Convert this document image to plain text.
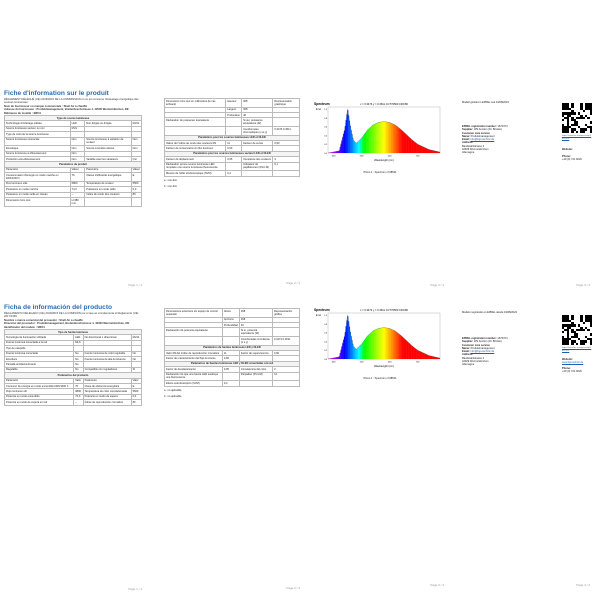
Fiche d'information sur le produit

RÈGLEMENT DÉLÉGUÉ (UE) 2019/2015 DE LA COMMISSION en ce qui concerne l'étiquetage énergétique des sources lumineuses

Nom du fournisseur ou marque commerciale : Shell Air à chauffé

Adresse du fournisseur : Produktmanagement, Breitenbrechstrasse 4, 42000 Wermelskirchen, DE

Référence du modèle : 98541

Type de source lumineuse			
Technologie d'éclairage utilisée	LED	Non dirigée ou dirigée	MLS1
Source lumineuse secteur ou non	MLS		
Type de culot de la source lumineuse			
Source lumineuse connectée	Non	Source lumineuse à variation de couleur	Non
Enveloppe	Non	Source à lumière élevée	Non
Source lumineuse à éblouissement	Non		
Protection anti-éblouissement	Non	Variable avec les variateurs	Oui
Paramètres du produit			
Paramètre	Valeur	Paramètre	Valeur
Consommation d'énergie en mode marche en kWh/1000 h	76	Classe d'efficacité énergétique	E
Flux lumineux utile	6800	Température de couleur	5500
Puissance en mode marche	74,0	Puissance en mode veille	0,0
Puissance en mode veille en réseau	--	Indice de rendu des couleurs	80
Dimensions hors tout	H 380 mm		
Page 1 / 4
Dimensions hors tout en millimètres (le cas échéant)	Hauteur	308	Représentation graphique
	Largeur	308	
	Profondeur	46	
Déclaration de puissance équivalente		Si oui, puissance équivalente (W)	
		Coordonnées chromatiques (x et y)	0,3474 0,3611
Paramètres pour les sources lumineuses LED et OLED			
Valeur de l'indice de rendu des couleurs R9	11	Facteur de survie	0,90
Facteur de conservation du flux lumineux	0,90		
Paramètres pour les sources lumineuses secteur LED et OLED			
Facteur de déplacement	0,95	Constance des couleurs	3
Déclaration qu'une source lumineuse LED remplace une source lumineuse fluorescente		Indicateur de papillotement (Pst LM)	0,1
Mesure de l'effet stroboscopique (SVM)	0,4		

a : non-dim

b : non-dim

Page 2 / 4
Spectrum	x = 0.3474 y = 0.3611 CCT=5500 CRI=80
E rel
Wavelength (nm)
400	500	600	700
0.0
0.2
0.4
0.6
0.8
1.0
Photo 1 : Spectrum of 98541
Page 3 / 4
Modell gelistet in EPREL seit 19/08/2024
EPREL registration number: 1670374
Supplier: WS Auction (Di. Brücke)
Customer care service
Name: Produktmanagement
Email: info@bgs-technic.de
Address:
Bandstahlstrasse 4
42929 Wermelskirchen
Allemagne
https://eprel.ec.europa.eu/qr/1670374
Website:
Phone:
+49 (0) 721 9020
Page 4 / 4

Ficha de información del producto

REGLAMENTO DELEGADO (UE) 2019/2015 DE LA COMISIÓN por el que se complementa el Reglamento (UE) 2017/1369

Nombre o marca comercial del proveedor : Shell Air a chauffé

Dirección del proveedor : Produktmanagement, Breitenbrechstrasse 4, 42000 Wermelskirchen, DE

Identificador del modelo : 98541

Tipo de fuente luminosa			
Tecnología de iluminación utilizada	LED	No direccional o direccional	MLS1
Fuente luminosa conectada a la red	MLS		
Tipo de casquillo			
Fuente luminosa conectada	No	Fuente luminosa de color regulable	No
Envoltura	No	Fuente luminosa de alta luminancia	No
Pantalla antideslumbrante	No		
Regulable	No	Compatible con reguladores	Sí
Parámetros del producto			
Parámetro	Valor	Parámetro	Valor
Consumo de energía en modo encendido kWh/1000 h	76	Clase de eficiencia energética	E
Flujo luminoso útil	6800	Temperatura de color correlacionada	5500
Potencia en modo encendido	74,0	Potencia en modo de espera	0,0
Potencia en modo de espera en red	--	Índice de reproducción cromática	80
Page 1 / 4
Dimensiones exteriores sin equipo de control separado	Altura	308	Representación gráfica
	Anchura	308	
	Profundidad	46	
Declaración de potencia equivalente		Si sí, potencia equivalente (W)	
		Coordenadas cromáticas (x e y)	0,3474 0,3611
Parámetros de fuentes luminosas LED y OLED			
Valor R9 del índice de reproducción cromática	11	Factor de supervivencia	0,90
Factor de mantenimiento del flujo luminoso	0,90		
Parámetros de fuentes luminosas LED y OLED conectadas a la red			
Factor de desplazamiento	0,95	Consistencia del color	3
Declaración de que una fuente LED sustituye una fluorescente		Parpadeo (Pst LM)	0,1
Efecto estroboscópico (SVM)	0,4		

a : no aplicable

b : no aplicable

Page 2 / 4
Spectrum	x = 0.3474 y = 0.3611 CCT=5500 CRI=80
E rel
Wavelength (nm)
400	500	600	700
0.0
0.2
0.4
0.6
0.8
1.0
Photo 1 : Spectrum of 98541
Page 3 / 4
Modelo registrado en EPREL desde 19/08/2024
EPREL registration number: 1670374
Supplier: WS Auction (Di. Brücke)
Customer care service
Name: Produktmanagement
Email: info@bgs-technic.de
Address:
Bandstahlstrasse 4
42929 Wermelskirchen
Allemagne
https://eprel.ec.europa.eu/qr/1670374
Website:
www.bgs-technic.de
Phone:
+49 (0) 721 9020
Page 4 / 4
